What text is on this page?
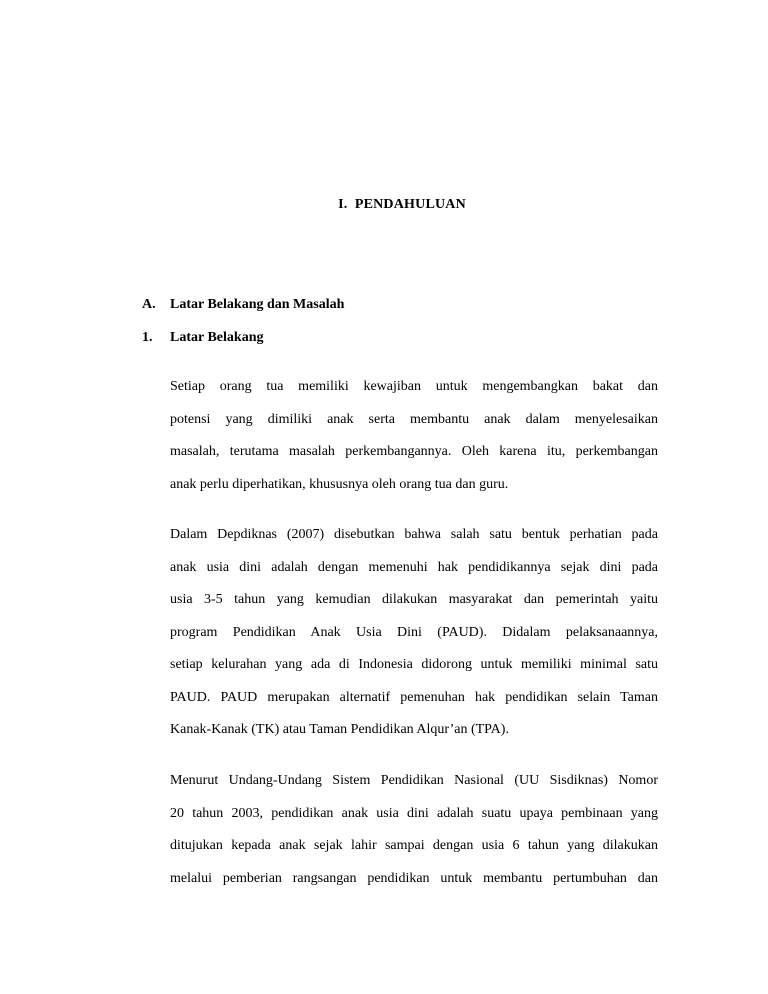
I.  PENDAHULUAN
A. Latar Belakang dan Masalah
1. Latar Belakang

Setiap orang tua memiliki kewajiban untuk mengembangkan bakat dan
potensi yang dimiliki anak serta membantu anak dalam menyelesaikan
masalah, terutama masalah perkembangannya. Oleh karena itu, perkembangan
anak perlu diperhatikan, khususnya oleh orang tua dan guru.

Dalam Depdiknas (2007) disebutkan bahwa salah satu bentuk perhatian pada
anak usia dini adalah dengan memenuhi hak pendidikannya sejak dini pada
usia 3-5 tahun yang kemudian dilakukan masyarakat dan pemerintah yaitu
program Pendidikan Anak Usia Dini (PAUD). Didalam pelaksanaannya,
setiap kelurahan yang ada di Indonesia didorong untuk memiliki minimal satu
PAUD. PAUD merupakan alternatif pemenuhan hak pendidikan selain Taman
Kanak-Kanak (TK) atau Taman Pendidikan Alqur’an (TPA).

Menurut Undang-Undang Sistem Pendidikan Nasional (UU Sisdiknas) Nomor
20 tahun 2003, pendidikan anak usia dini adalah suatu upaya pembinaan yang
ditujukan kepada anak sejak lahir sampai dengan usia 6 tahun yang dilakukan
melalui pemberian rangsangan pendidikan untuk membantu pertumbuhan dan
